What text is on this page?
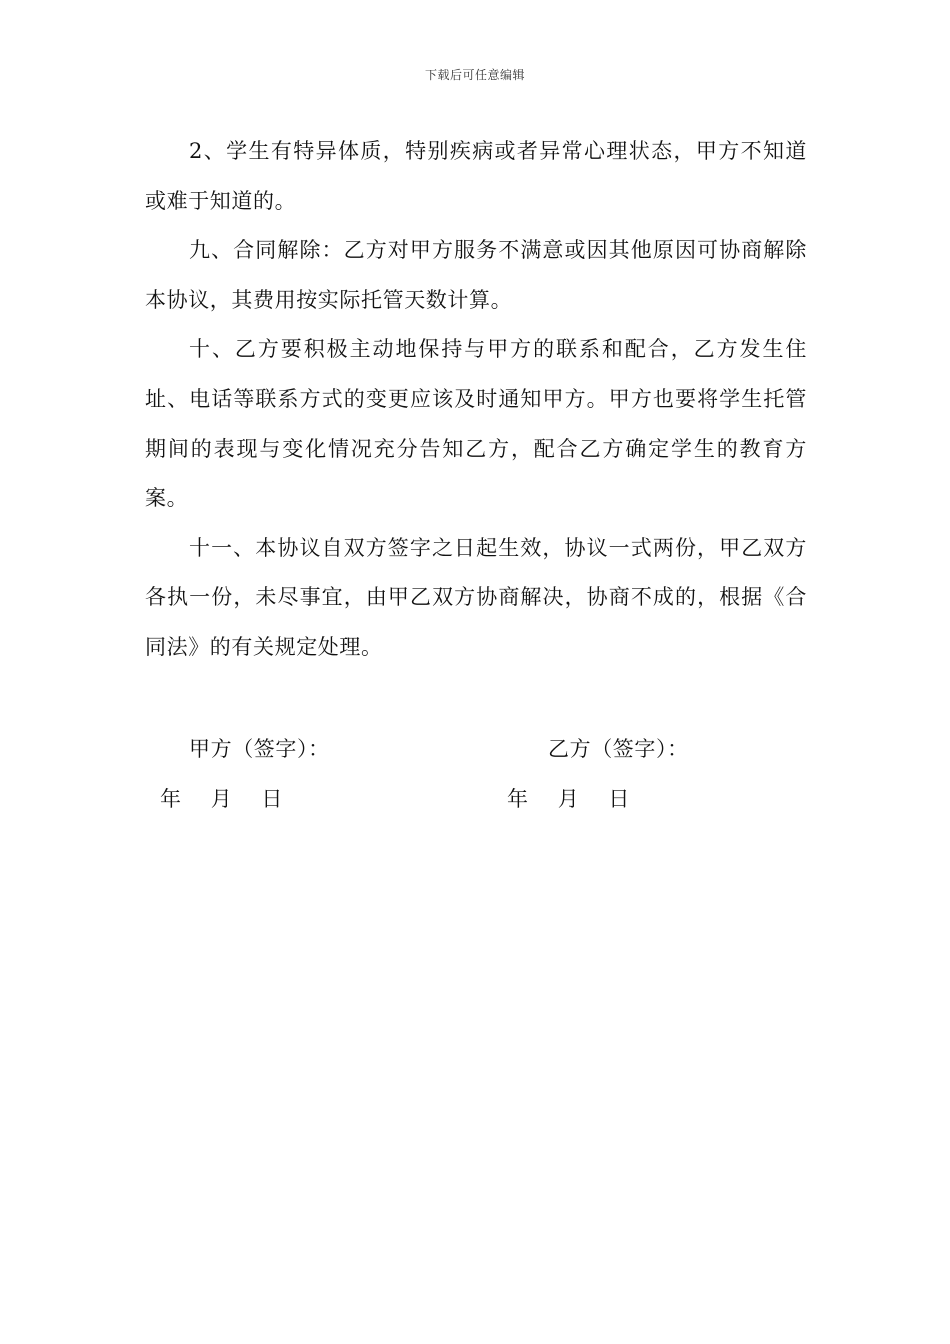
下载后可任意编辑

2、学生有特异体质，特别疾病或者异常心理状态，甲方不知道或难于知道的。

九、合同解除：乙方对甲方服务不满意或因其他原因可协商解除本协议，其费用按实际托管天数计算。

十、乙方要积极主动地保持与甲方的联系和配合，乙方发生住址、电话等联系方式的变更应该及时通知甲方。甲方也要将学生托管期间的表现与变化情况充分告知乙方，配合乙方确定学生的教育方案。

十一、本协议自双方签字之日起生效，协议一式两份，甲乙双方各执一份，未尽事宜，由甲乙双方协商解决，协商不成的，根据《合同法》的有关规定处理。

甲方（签字）：	乙方（签字）：
年    月    日	年    月    日
